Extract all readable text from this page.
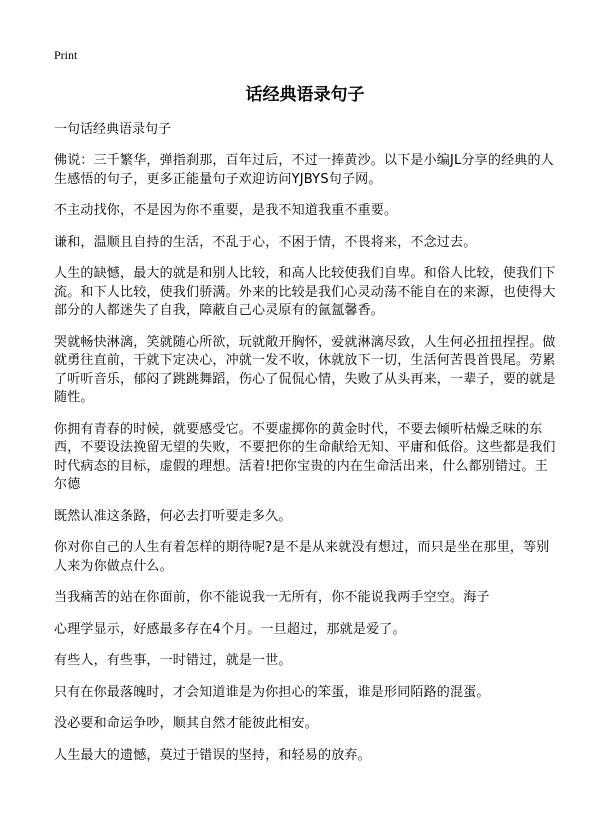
Print
话经典语录句子
一句话经典语录句子

佛说：三千繁华，弹指刹那，百年过后，不过一捧黄沙。以下是小编JL分享的经典的人生感悟的句子，更多正能量句子欢迎访问YJBYS句子网。

不主动找你，不是因为你不重要，是我不知道我重不重要。

谦和，温顺且自持的生活，不乱于心，不困于情，不畏将来，不念过去。

人生的缺憾，最大的就是和别人比较，和高人比较使我们自卑。和俗人比较，使我们下流。和下人比较，使我们骄满。外来的比较是我们心灵动荡不能自在的来源，也使得大部分的人都迷失了自我，障蔽自己心灵原有的氤氲馨香。

哭就畅快淋漓，笑就随心所欲，玩就敞开胸怀，爱就淋漓尽致，人生何必扭扭捏捏。做就勇往直前，干就下定决心，冲就一发不收，休就放下一切，生活何苦畏首畏尾。劳累了听听音乐，郁闷了跳跳舞蹈，伤心了侃侃心情，失败了从头再来，一辈子，要的就是随性。

你拥有青春的时候，就要感受它。不要虚掷你的黄金时代，不要去倾听枯燥乏味的东西，不要设法挽留无望的失败，不要把你的生命献给无知、平庸和低俗。这些都是我们时代病态的目标，虚假的理想。活着!把你宝贵的内在生命活出来，什么都别错过。王尔德

既然认准这条路，何必去打听要走多久。

你对你自己的人生有着怎样的期待呢?是不是从来就没有想过，而只是坐在那里，等别人来为你做点什么。

当我痛苦的站在你面前，你不能说我一无所有，你不能说我两手空空。海子

心理学显示，好感最多存在4个月。一旦超过，那就是爱了。

有些人，有些事，一时错过，就是一世。

只有在你最落魄时，才会知道谁是为你担心的笨蛋，谁是形同陌路的混蛋。

没必要和命运争吵，顺其自然才能彼此相安。

人生最大的遗憾，莫过于错误的坚持，和轻易的放弃。
